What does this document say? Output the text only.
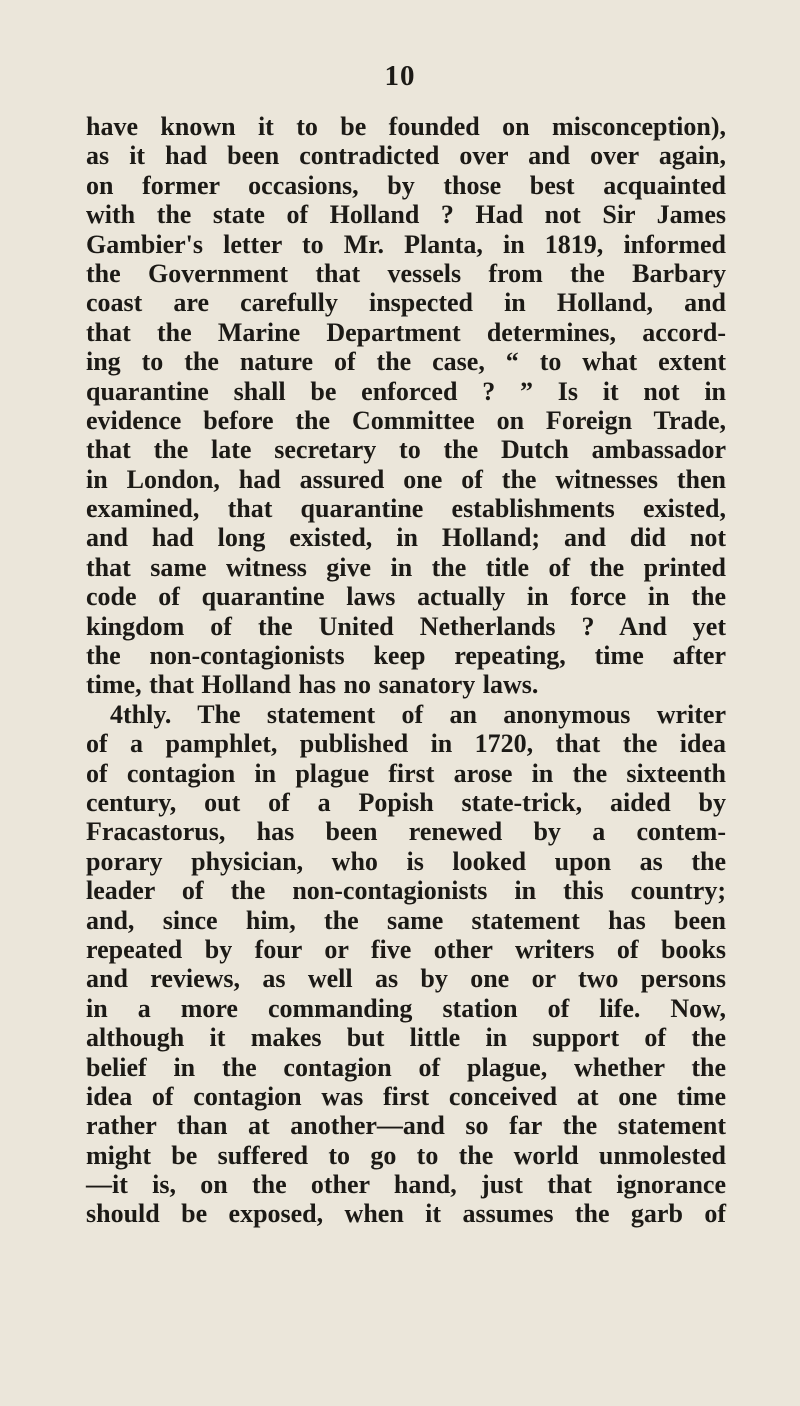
10
have known it to be founded on misconception),
as it had been contradicted over and over again,
on former occasions, by those best acquainted
with the state of Holland ? Had not Sir James
Gambier's letter to Mr. Planta, in 1819, informed
the Government that vessels from the Barbary
coast are carefully inspected in Holland, and
that the Marine Department determines, accord-
ing to the nature of the case, “ to what extent
quarantine shall be enforced ? ” Is it not in
evidence before the Committee on Foreign Trade,
that the late secretary to the Dutch ambassador
in London, had assured one of the witnesses then
examined, that quarantine establishments existed,
and had long existed, in Holland; and did not
that same witness give in the title of the printed
code of quarantine laws actually in force in the
kingdom of the United Netherlands ? And yet
the non-contagionists keep repeating, time after
time, that Holland has no sanatory laws.
4thly. The statement of an anonymous writer
of a pamphlet, published in 1720, that the idea
of contagion in plague first arose in the sixteenth
century, out of a Popish state-trick, aided by
Fracastorus, has been renewed by a contem-
porary physician, who is looked upon as the
leader of the non-contagionists in this country;
and, since him, the same statement has been
repeated by four or five other writers of books
and reviews, as well as by one or two persons
in a more commanding station of life. Now,
although it makes but little in support of the
belief in the contagion of plague, whether the
idea of contagion was first conceived at one time
rather than at another—and so far the statement
might be suffered to go to the world unmolested
—it is, on the other hand, just that ignorance
should be exposed, when it assumes the garb of
